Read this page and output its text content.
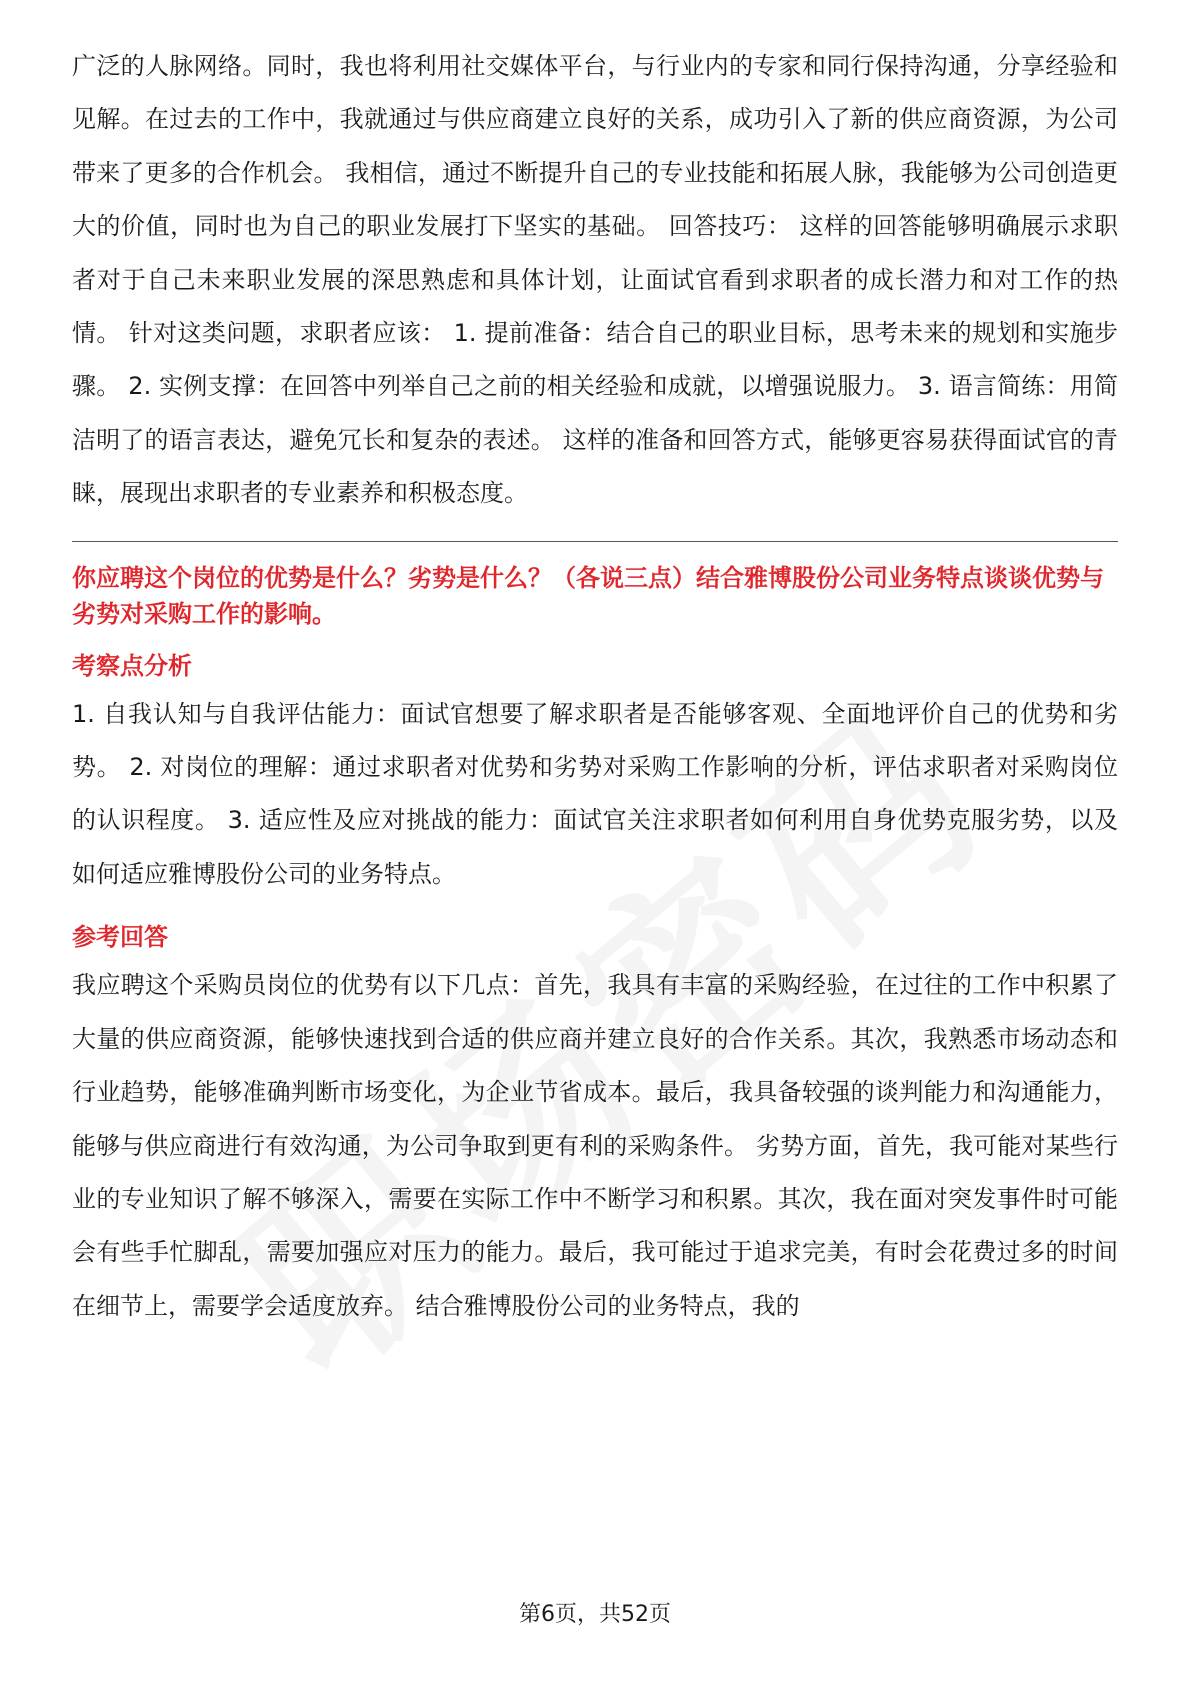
广泛的人脉网络。同时，我也将利用社交媒体平台，与行业内的专家和同行保持沟通，分享经验和见解。在过去的工作中，我就通过与供应商建立良好的关系，成功引入了新的供应商资源，为公司带来了更多的合作机会。 我相信，通过不断提升自己的专业技能和拓展人脉，我能够为公司创造更大的价值，同时也为自己的职业发展打下坚实的基础。 回答技巧： 这样的回答能够明确展示求职者对于自己未来职业发展的深思熟虑和具体计划，让面试官看到求职者的成长潜力和对工作的热情。 针对这类问题，求职者应该： 1. 提前准备：结合自己的职业目标，思考未来的规划和实施步骤。 2. 实例支撑：在回答中列举自己之前的相关经验和成就，以增强说服力。 3. 语言简练：用简洁明了的语言表达，避免冗长和复杂的表述。 这样的准备和回答方式，能够更容易获得面试官的青睐，展现出求职者的专业素养和积极态度。

你应聘这个岗位的优势是什么？劣势是什么？（各说三点）结合雅博股份公司业务特点谈谈优势与劣势对采购工作的影响。

考察点分析

1. 自我认知与自我评估能力：面试官想要了解求职者是否能够客观、全面地评价自己的优势和劣势。 2. 对岗位的理解：通过求职者对优势和劣势对采购工作影响的分析，评估求职者对采购岗位的认识程度。 3. 适应性及应对挑战的能力：面试官关注求职者如何利用自身优势克服劣势，以及如何适应雅博股份公司的业务特点。

参考回答

我应聘这个采购员岗位的优势有以下几点：首先，我具有丰富的采购经验，在过往的工作中积累了大量的供应商资源，能够快速找到合适的供应商并建立良好的合作关系。其次，我熟悉市场动态和行业趋势，能够准确判断市场变化，为企业节省成本。最后，我具备较强的谈判能力和沟通能力，能够与供应商进行有效沟通，为公司争取到更有利的采购条件。 劣势方面，首先，我可能对某些行业的专业知识了解不够深入，需要在实际工作中不断学习和积累。其次，我在面对突发事件时可能会有些手忙脚乱，需要加强应对压力的能力。最后，我可能过于追求完美，有时会花费过多的时间在细节上，需要学会适度放弃。 结合雅博股份公司的业务特点，我的

第6页，共52页
